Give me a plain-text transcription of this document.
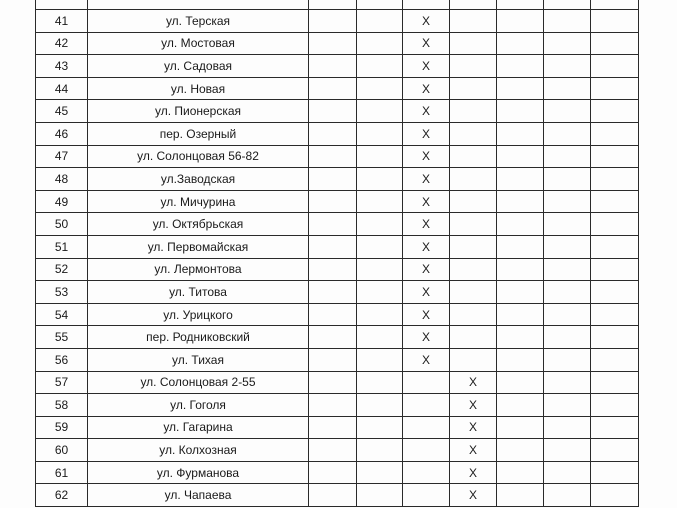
41	ул. Терская			X				
42	ул. Мостовая			X				
43	ул. Садовая			X				
44	ул. Новая			X				
45	ул. Пионерская			X				
46	пер. Озерный			X				
47	ул. Солонцовая 56-82			X				
48	ул.Заводская			X				
49	ул. Мичурина			X				
50	ул. Октябрьская			X				
51	ул. Первомайская			X				
52	ул. Лермонтова			X				
53	ул. Титова			X				
54	ул. Урицкого			X				
55	пер. Родниковский			X				
56	ул. Тихая			X				
57	ул. Солонцовая 2-55				X			
58	ул. Гоголя				X			
59	ул. Гагарина				X			
60	ул. Колхозная				X			
61	ул. Фурманова				X			
62	ул. Чапаева				X			
